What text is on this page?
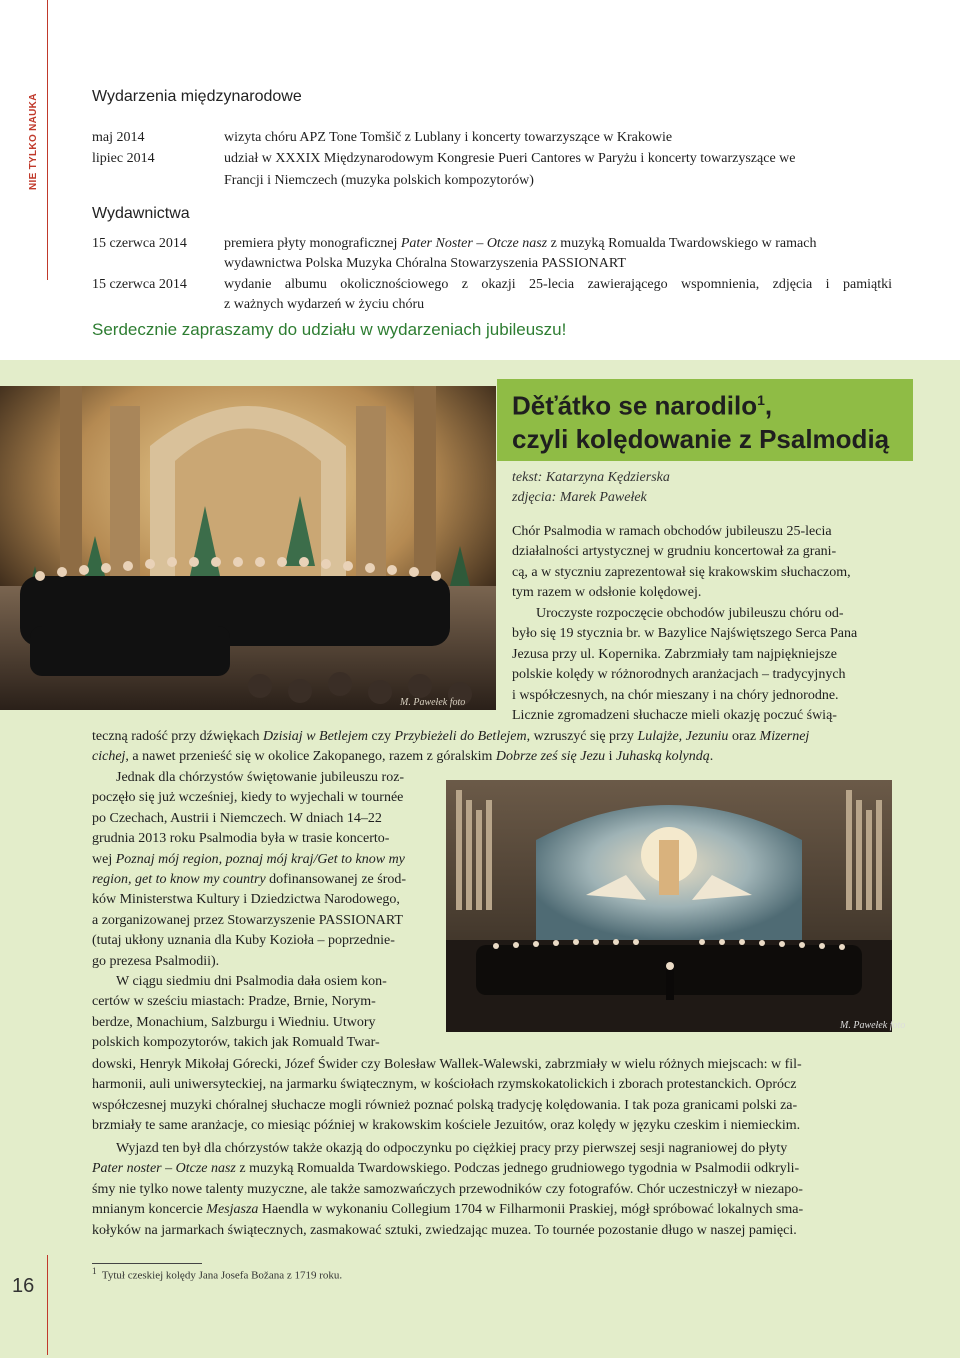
NIE TYLKO NAUKA	Wydarzenia międzynarodowe
maj 2014	wizyta chóru APZ Tone Tomšič z Lublany i koncerty towarzyszące w Krakowie
lipiec 2014	udział w XXXIX Międzynarodowym Kongresie Pueri Cantores w Paryżu i koncerty towarzyszące we
Francji i Niemczech (muzyka polskich kompozytorów)
Wydawnictwa
15 czerwca 2014	premiera płyty monograficznej Pater Noster – Otcze nasz z muzyką Romualda Twardowskiego w ramach
wydawnictwa Polska Muzyka Chóralna Stowarzyszenia PASSIONART
15 czerwca 2014	wydanie albumu okolicznościowego z okazji 25-lecia zawierającego wspomnienia, zdjęcia i pamiątki
z ważnych wydarzeń w życiu chóru
Serdecznie zapraszamy do udziału w wydarzeniach jubileuszu!
M. Pawełek foto
Děťátko se narodilo$^1$,
czyli kolędowanie z Psalmodią
tekst: Katarzyna Kędzierska
zdjęcia: Marek Pawełek
Chór Psalmodia w ramach obchodów jubileuszu 25-lecia
działalności artystycznej w grudniu koncertował za grani-
cą, a w styczniu zaprezentował się krakowskim słuchaczom,
tym razem w odsłonie kolędowej.
Uroczyste rozpoczęcie obchodów jubileuszu chóru od-
było się 19 stycznia br. w Bazylice Najświętszego Serca Pana
Jezusa przy ul. Kopernika. Zabrzmiały tam najpiękniejsze
polskie kolędy w różnorodnych aranżacjach – tradycyjnych
i współczesnych, na chór mieszany i na chóry jednorodne.
Licznie zgromadzeni słuchacze mieli okazję poczuć świą-
teczną radość przy dźwiękach Dzisiaj w Betlejem czy Przybieżeli do Betlejem, wzruszyć się przy Lulajże, Jezuniu oraz Mizernej
cichej, a nawet przenieść się w okolice Zakopanego, razem z góralskim Dobrze ześ się Jezu i Juhaską kolyndą.
Jednak dla chórzystów świętowanie jubileuszu roz-
poczęło się już wcześniej, kiedy to wyjechali w tournée
po Czechach, Austrii i Niemczech. W dniach 14–22
grudnia 2013 roku Psalmodia była w trasie koncerto-
wej Poznaj mój region, poznaj mój kraj/Get to know my
region, get to know my country dofinansowanej ze środ-
ków Ministerstwa Kultury i Dziedzictwa Narodowego,
a zorganizowanej przez Stowarzyszenie PASSIONART
(tutaj ukłony uznania dla Kuby Kozioła – poprzednie-
go prezesa Psalmodii).
W ciągu siedmiu dni Psalmodia dała osiem kon-
certów w sześciu miastach: Pradze, Brnie, Norym-
berdze, Monachium, Salzburgu i Wiedniu. Utwory
polskich kompozytorów, takich jak Romuald Twar-
M. Pawełek foto
dowski, Henryk Mikołaj Górecki, Józef Świder czy Bolesław Wallek-Walewski, zabrzmiały w wielu różnych miejscach: w fil-
harmonii, auli uniwersyteckiej, na jarmarku świątecznym, w kościołach rzymskokatolickich i zborach protestanckich. Oprócz
współczesnej muzyki chóralnej słuchacze mogli również poznać polską tradycję kolędowania. I tak poza granicami polski za-
brzmiały te same aranżacje, co miesiąc później w krakowskim kościele Jezuitów, oraz kolędy w języku czeskim i niemieckim.
Wyjazd ten był dla chórzystów także okazją do odpoczynku po ciężkiej pracy przy pierwszej sesji nagraniowej do płyty
Pater noster – Otcze nasz z muzyką Romualda Twardowskiego. Podczas jednego grudniowego tygodnia w Psalmodii odkryli-
śmy nie tylko nowe talenty muzyczne, ale także samozwańczych przewodników czy fotografów. Chór uczestniczył w niezapo-
mnianym koncercie Mesjasza Haendla w wykonaniu Collegium 1704 w Filharmonii Praskiej, mógł spróbować lokalnych sma-
kołyków na jarmarkach świątecznych, zasmakować sztuki, zwiedzając muzea. To tournée pozostanie długo w naszej pamięci.
$^1$ Tytuł czeskiej kolędy Jana Josefa Božana z 1719 roku.
16
